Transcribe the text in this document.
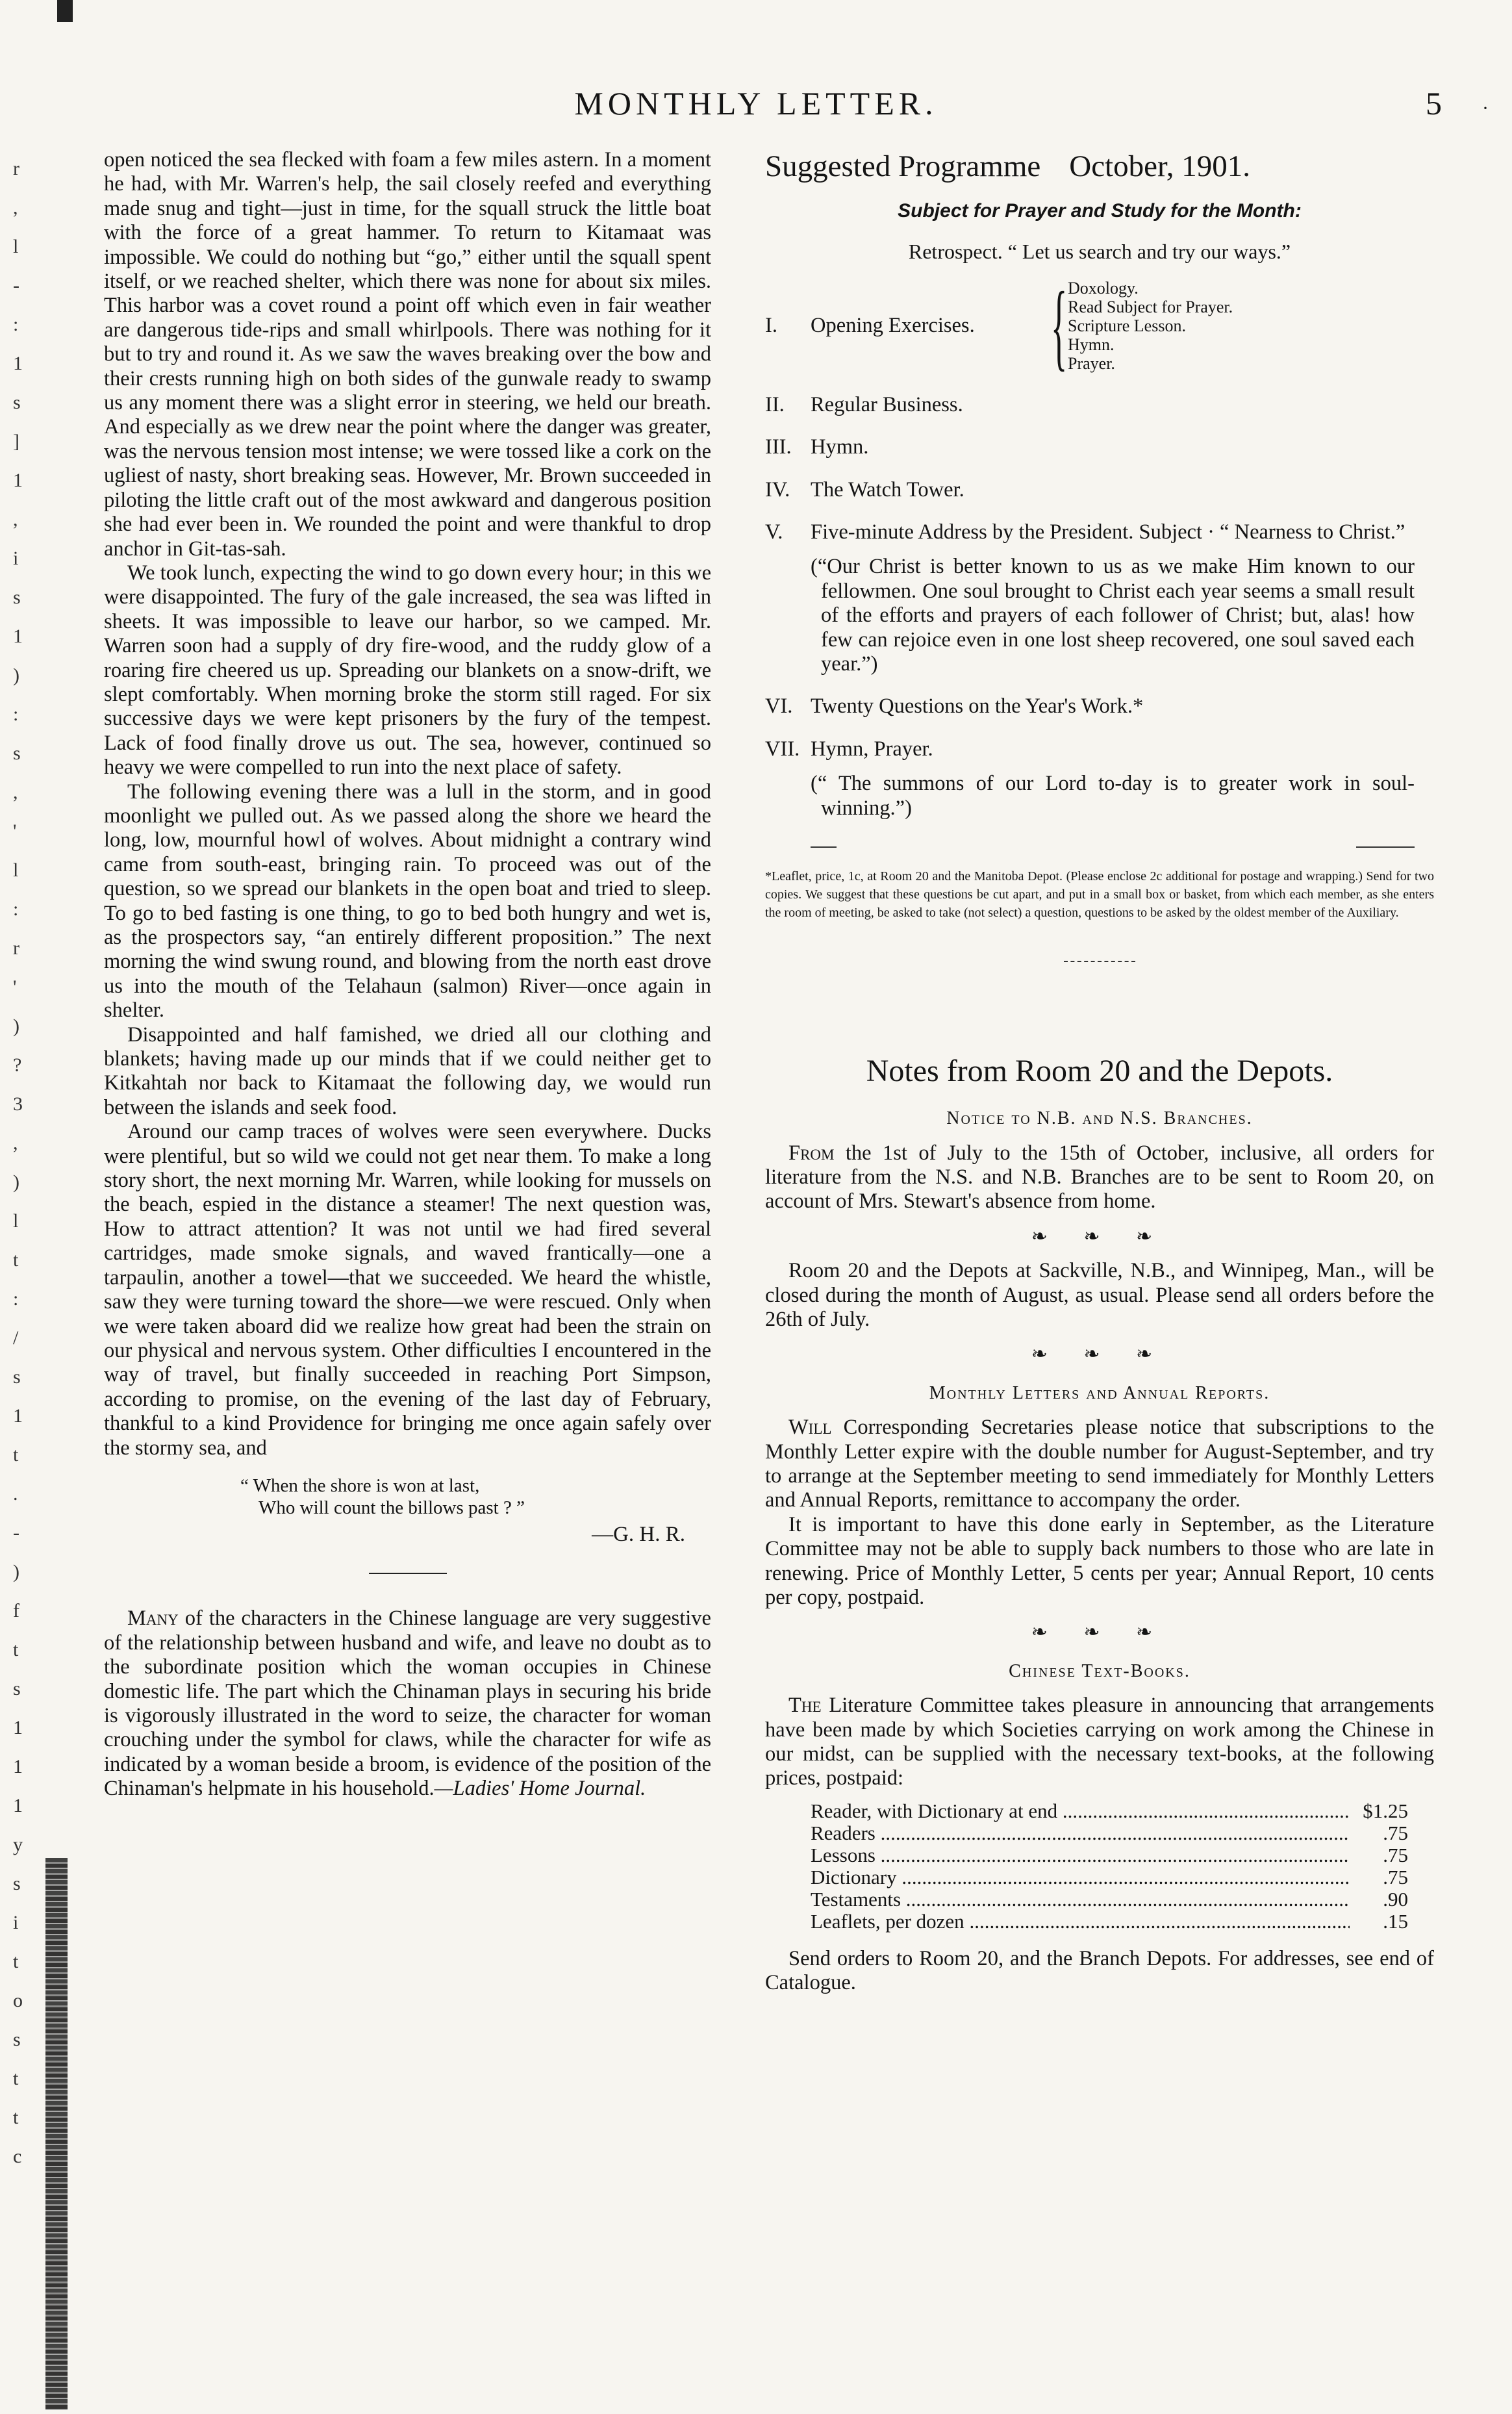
·
MONTHLY LETTER.	5
r
,
l
-
:
1
s
]
1
,
i
s
1
)
:
s
,
'
l
:
r
'
)
?
3
,
)
l
t
:
/
s
1
t
.
-
)
f
t
s
1
1
1
y
s
i
t
o
s
t
t
c

open noticed the sea flecked with foam a few miles astern. In a moment he had, with Mr. Warren's help, the sail closely reefed and everything made snug and tight—just in time, for the squall struck the little boat with the force of a great hammer. To return to Kitamaat was impossible. We could do nothing but “go,” either until the squall spent itself, or we reached shelter, which there was none for about six miles. This harbor was a covet round a point off which even in fair weather are dangerous tide-rips and small whirlpools. There was nothing for it but to try and round it. As we saw the waves breaking over the bow and their crests running high on both sides of the gunwale ready to swamp us any moment there was a slight error in steering, we held our breath. And especially as we drew near the point where the danger was greater, was the nervous tension most intense; we were tossed like a cork on the ugliest of nasty, short breaking seas. However, Mr. Brown succeeded in piloting the little craft out of the most awkward and dangerous position she had ever been in. We rounded the point and were thankful to drop anchor in Git-tas-sah.

We took lunch, expecting the wind to go down every hour; in this we were disappointed. The fury of the gale increased, the sea was lifted in sheets. It was impossible to leave our harbor, so we camped. Mr. Warren soon had a supply of dry fire-wood, and the ruddy glow of a roaring fire cheered us up. Spreading our blankets on a snow-drift, we slept comfortably. When morning broke the storm still raged. For six successive days we were kept prisoners by the fury of the tempest. Lack of food finally drove us out. The sea, however, continued so heavy we were compelled to run into the next place of safety.

The following evening there was a lull in the storm, and in good moonlight we pulled out. As we passed along the shore we heard the long, low, mournful howl of wolves. About midnight a contrary wind came from south-east, bringing rain. To proceed was out of the question, so we spread our blankets in the open boat and tried to sleep. To go to bed fasting is one thing, to go to bed both hungry and wet is, as the prospectors say, “an entirely different proposition.” The next morning the wind swung round, and blowing from the north east drove us into the mouth of the Telahaun (salmon) River—once again in shelter.

Disappointed and half famished, we dried all our clothing and blankets; having made up our minds that if we could neither get to Kitkahtah nor back to Kitamaat the following day, we would run between the islands and seek food.

Around our camp traces of wolves were seen everywhere. Ducks were plentiful, but so wild we could not get near them. To make a long story short, the next morning Mr. Warren, while looking for mussels on the beach, espied in the distance a steamer! The next question was, How to attract attention? It was not until we had fired several cartridges, made smoke signals, and waved frantically—one a tarpaulin, another a towel—that we succeeded. We heard the whistle, saw they were turning toward the shore—we were rescued. Only when we were taken aboard did we realize how great had been the strain on our physical and nervous system. Other difficulties I encountered in the way of travel, but finally succeeded in reaching Port Simpson, according to promise, on the evening of the last day of February, thankful to a kind Providence for bringing me once again safely over the stormy sea, and

“ When the shore is won at last,
Who will count the billows past ? ”
—G. H. R.

Many of the characters in the Chinese language are very suggestive of the relationship between husband and wife, and leave no doubt as to the subordinate position which the woman occupies in Chinese domestic life. The part which the Chinaman plays in securing his bride is vigorously illustrated in the word to seize, the character for woman crouching under the symbol for claws, while the character for wife as indicated by a woman beside a broom, is evidence of the position of the Chinaman's helpmate in his household.—Ladies' Home Journal.

Suggested Programme October, 1901.
Subject for Prayer and Study for the Month:
Retrospect. “ Let us search and try our ways.”
I.	Opening Exercises. { Doxology.
Read Subject for Prayer.
Scripture Lesson.
Hymn.
Prayer.
II.	Regular Business.
III. Hymn.
IV. The Watch Tower.
V.	Five-minute Address by the President. Subject · “ Nearness to Christ.”
(“Our Christ is better known to us as we make Him known to our fellowmen. One soul brought to Christ each year seems a small result of the efforts and prayers of each follower of Christ; but, alas! how few can rejoice even in one lost sheep recovered, one soul saved each year.”)
VI. Twenty Questions on the Year's Work.*
VII. Hymn, Prayer.
(“ The summons of our Lord to-day is to greater work in soul-winning.”)
*Leaflet, price, 1c, at Room 20 and the Manitoba Depot. (Please enclose 2c additional for postage and wrapping.) Send for two copies. We suggest that these questions be cut apart, and put in a small box or basket, from which each member, as she enters the room of meeting, be asked to take (not select) a question, questions to be asked by the oldest member of the Auxiliary.
Notes from Room 20 and the Depots.
Notice to N.B. and N.S. Branches.

From the 1st of July to the 15th of October, inclusive, all orders for literature from the N.S. and N.B. Branches are to be sent to Room 20, on account of Mrs. Stewart's absence from home.

❧ ❧ ❧

Room 20 and the Depots at Sackville, N.B., and Winnipeg, Man., will be closed during the month of August, as usual. Please send all orders before the 26th of July.

❧ ❧ ❧
Monthly Letters and Annual Reports.

Will Corresponding Secretaries please notice that subscriptions to the Monthly Letter expire with the double number for August-September, and try to arrange at the September meeting to send immediately for Monthly Letters and Annual Reports, remittance to accompany the order.

It is important to have this done early in September, as the Literature Committee may not be able to supply back numbers to those who are late in renewing. Price of Monthly Letter, 5 cents per year; Annual Report, 10 cents per copy, postpaid.

❧ ❧ ❧
Chinese Text-Books.

The Literature Committee takes pleasure in announcing that arrangements have been made by which Societies carrying on work among the Chinese in our midst, can be supplied with the necessary text-books, at the following prices, postpaid:

Reader, with Dictionary at end .....	$1.25
Readers .....	.75
Lessons .....	.75
Dictionary .....	.75
Testaments .....	.90
Leaflets, per dozen .....	.15

Send orders to Room 20, and the Branch Depots. For addresses, see end of Catalogue.
